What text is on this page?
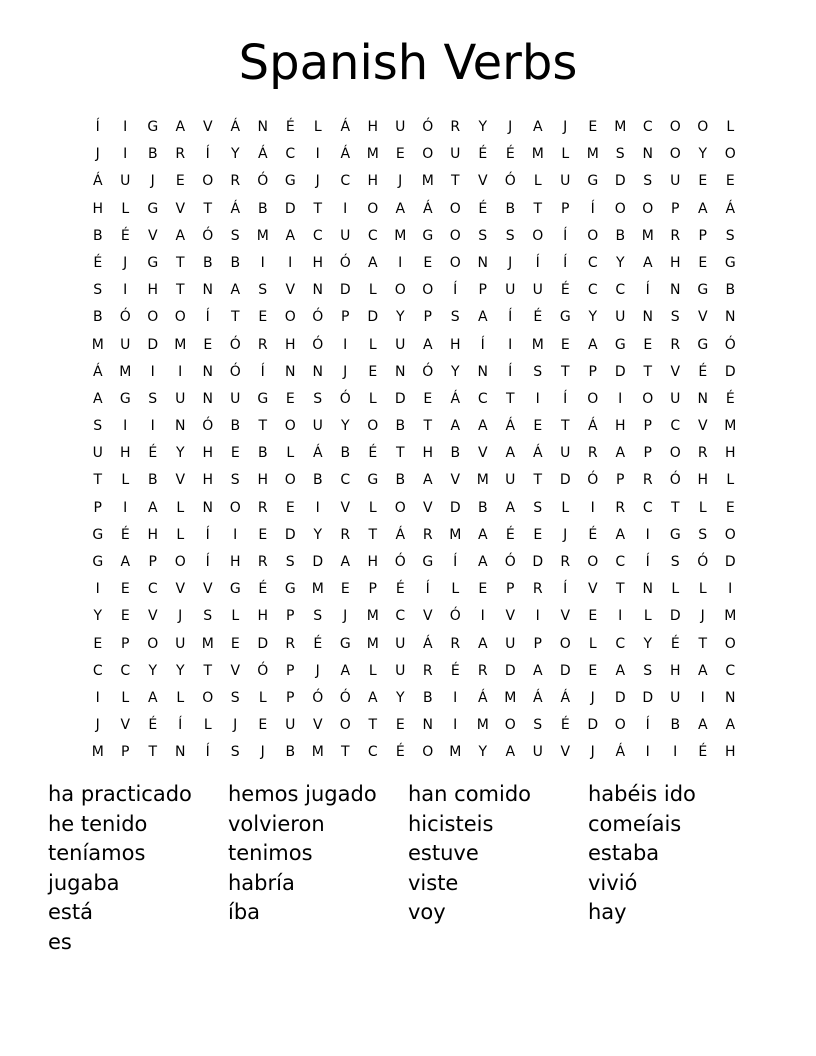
Spanish Verbs
Í	I	G	A	V	Á	N	É	L	Á	H	U	Ó	R	Y	J	A	J	E	M	C	O	O	L
J	I	B	R	Í	Y	Á	C	I	Á	M	E	O	U	É	É	M	L	M	S	N	O	Y	O
Á	U	J	E	O	R	Ó	G	J	C	H	J	M	T	V	Ó	L	U	G	D	S	U	E	E
H	L	G	V	T	Á	B	D	T	I	O	A	Á	O	É	B	T	P	Í	O	O	P	A	Á
B	É	V	A	Ó	S	M	A	C	U	C	M	G	O	S	S	O	Í	O	B	M	R	P	S
É	J	G	T	B	B	I	I	H	Ó	A	I	E	O	N	J	Í	Í	C	Y	A	H	E	G
S	I	H	T	N	A	S	V	N	D	L	O	O	Í	P	U	U	É	C	C	Í	N	G	B
B	Ó	O	O	Í	T	E	O	Ó	P	D	Y	P	S	A	Í	É	G	Y	U	N	S	V	N
M	U	D	M	E	Ó	R	H	Ó	I	L	U	A	H	Í	I	M	E	A	G	E	R	G	Ó
Á	M	I	I	N	Ó	Í	N	N	J	E	N	Ó	Y	N	Í	S	T	P	D	T	V	É	D
A	G	S	U	N	U	G	E	S	Ó	L	D	E	Á	C	T	I	Í	O	I	O	U	N	É
S	I	I	N	Ó	B	T	O	U	Y	O	B	T	A	A	Á	E	T	Á	H	P	C	V	M
U	H	É	Y	H	E	B	L	Á	B	É	T	H	B	V	A	Á	U	R	A	P	O	R	H
T	L	B	V	H	S	H	O	B	C	G	B	A	V	M	U	T	D	Ó	P	R	Ó	H	L
P	I	A	L	N	O	R	E	I	V	L	O	V	D	B	A	S	L	I	R	C	T	L	E
G	É	H	L	Í	I	E	D	Y	R	T	Á	R	M	A	É	E	J	É	A	I	G	S	O
G	A	P	O	Í	H	R	S	D	A	H	Ó	G	Í	A	Ó	D	R	O	C	Í	S	Ó	D
I	E	C	V	V	G	É	G	M	E	P	É	Í	L	E	P	R	Í	V	T	N	L	L	I
Y	E	V	J	S	L	H	P	S	J	M	C	V	Ó	I	V	I	V	E	I	L	D	J	M
E	P	O	U	M	E	D	R	É	G	M	U	Á	R	A	U	P	O	L	C	Y	É	T	O
C	C	Y	Y	T	V	Ó	P	J	A	L	U	R	É	R	D	A	D	E	A	S	H	A	C
I	L	A	L	O	S	L	P	Ó	Ó	A	Y	B	I	Á	M	Á	Á	J	D	D	U	I	N
J	V	É	Í	L	J	E	U	V	O	T	E	N	I	M	O	S	É	D	O	Í	B	A	A
M	P	T	N	Í	S	J	B	M	T	C	É	O	M	Y	A	U	V	J	Á	I	I	É	H
ha practicado	hemos jugado	han comido	habéis ido
he tenido	volvieron	hicisteis	comeíais
teníamos	tenimos	estuve	estaba
jugaba	habría	viste	vivió
está	íba	voy	hay
es
